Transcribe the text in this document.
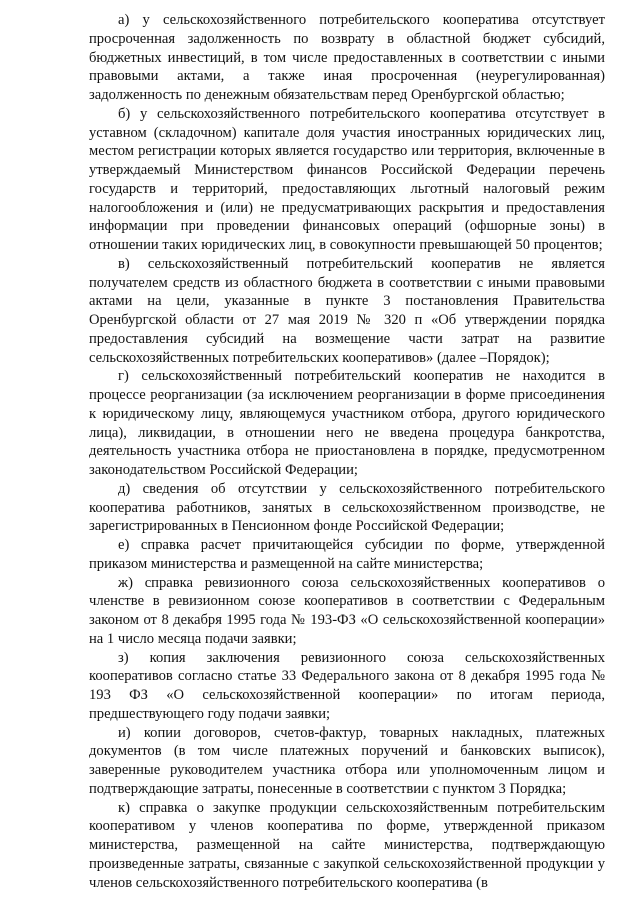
а) у сельскохозяйственного потребительского кооператива отсутствует просроченная задолженность по возврату в областной бюджет субсидий, бюджетных инвестиций, в том числе предоставленных в соответствии с иными правовыми актами, а также иная просроченная (неурегулированная) задолженность по денежным обязательствам перед Оренбургской областью;

б) у сельскохозяйственного потребительского кооператива отсутствует в уставном (складочном) капитале доля участия иностранных юридических лиц, местом регистрации которых является государство или территория, включенные в утверждаемый Министерством финансов Российской Федерации перечень государств и территорий, предоставляющих льготный налоговый режим налогообложения и (или) не предусматривающих раскрытия и предоставления информации при проведении финансовых операций (офшорные зоны) в отношении таких юридических лиц, в совокупности превышающей 50 процентов;

в) сельскохозяйственный потребительский кооператив не является получателем средств из областного бюджета в соответствии с иными правовыми актами на цели, указанные в пункте 3 постановления Правительства Оренбургской области от 27 мая 2019 № 320 п «Об утверждении порядка предоставления субсидий на возмещение части затрат на развитие сельскохозяйственных потребительских кооперативов» (далее –Порядок);

г) сельскохозяйственный потребительский кооператив не находится в процессе реорганизации (за исключением реорганизации в форме присоединения к юридическому лицу, являющемуся участником отбора, другого юридического лица), ликвидации, в отношении него не введена процедура банкротства, деятельность участника отбора не приостановлена в порядке, предусмотренном законодательством Российской Федерации;

д) сведения об отсутствии у сельскохозяйственного потребительского кооператива работников, занятых в сельскохозяйственном производстве, не зарегистрированных в Пенсионном фонде Российской Федерации;

е) справка расчет причитающейся субсидии по форме, утвержденной приказом министерства и размещенной на сайте министерства;

ж) справка ревизионного союза сельскохозяйственных кооперативов о членстве в ревизионном союзе кооперативов в соответствии с Федеральным законом от 8 декабря 1995 года № 193-ФЗ «О сельскохозяйственной кооперации» на 1 число месяца подачи заявки;

з) копия заключения ревизионного союза сельскохозяйственных кооперативов согласно статье 33 Федерального закона от 8 декабря 1995 года № 193 ФЗ «О сельскохозяйственной кооперации» по итогам периода, предшествующего году подачи заявки;

и) копии договоров, счетов-фактур, товарных накладных, платежных документов (в том числе платежных поручений и банковских выписок), заверенные руководителем участника отбора или уполномоченным лицом и подтверждающие затраты, понесенные в соответствии с пунктом 3 Порядка;

к) справка о закупке продукции сельскохозяйственным потребительским кооперативом у членов кооператива по форме, утвержденной приказом министерства, размещенной на сайте министерства, подтверждающую произведенные затраты, связанные с закупкой сельскохозяйственной продукции у членов сельскохозяйственного потребительского кооператива (в
